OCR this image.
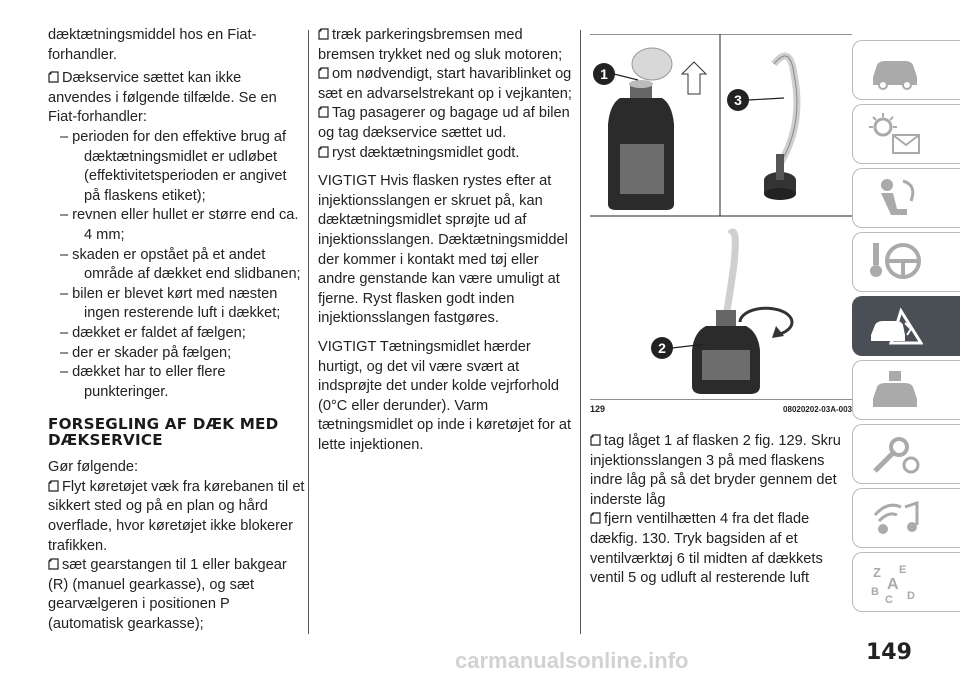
dæktætningsmiddel hos en Fiat-forhandler.

Dækservice sættet kan ikke anvendes i følgende tilfælde. Se en Fiat-forhandler:

– perioden for den effektive brug af dæktætningsmidlet er udløbet (effektivitetsperioden er angivet på flaskens etiket);

– revnen eller hullet er større end ca. 4 mm;

– skaden er opstået på et andet område af dækket end slidbanen;

– bilen er blevet kørt med næsten ingen resterende luft i dækket;

– dækket er faldet af fælgen;

– der er skader på fælgen;

– dækket har to eller flere punkteringer.

FORSEGLING AF DÆK MED DÆKSERVICE

Gør følgende:

Flyt køretøjet væk fra kørebanen til et sikkert sted og på en plan og hård overflade, hvor køretøjet ikke blokerer trafikken.

sæt gearstangen til 1 eller bakgear (R) (manuel gearkasse), og sæt gearvælgeren i positionen P (automatisk gearkasse);

træk parkeringsbremsen med bremsen trykket ned og sluk motoren;

om nødvendigt, start havariblinket og sæt en advarselstrekant op i vejkanten;

Tag pasagerer og bagage ud af bilen og tag dækservice sættet ud.

ryst dæktætningsmidlet godt.

VIGTIGT Hvis flasken rystes efter at injektionsslangen er skruet på, kan dæktætningsmidlet sprøjte ud af injektionsslangen. Dæktætningsmiddel der kommer i kontakt med tøj eller andre genstande kan være umuligt at fjerne. Ryst flasken godt inden injektionsslangen fastgøres.

VIGTIGT Tætningsmidlet hærder hurtigt, og det vil være svært at indsprøjte det under kolde vejrforhold (0°C eller derunder). Varm tætningsmidlet op inde i køretøjet for at lette injektionen.

1
3
2
129	08020202-03A-003

tag låget 1 af flasken 2 fig. 129. Skru injektionsslangen 3 på med flaskens indre låg på så det bryder gennem det inderste låg

fjern ventilhætten 4 fra det flade dækfig. 130. Tryk bagsiden af et ventilværktøj 6 til midten af dækkets ventil 5 og udluft al resterende luft	Z E
A
B
C D
carmanualsonline.info	149
